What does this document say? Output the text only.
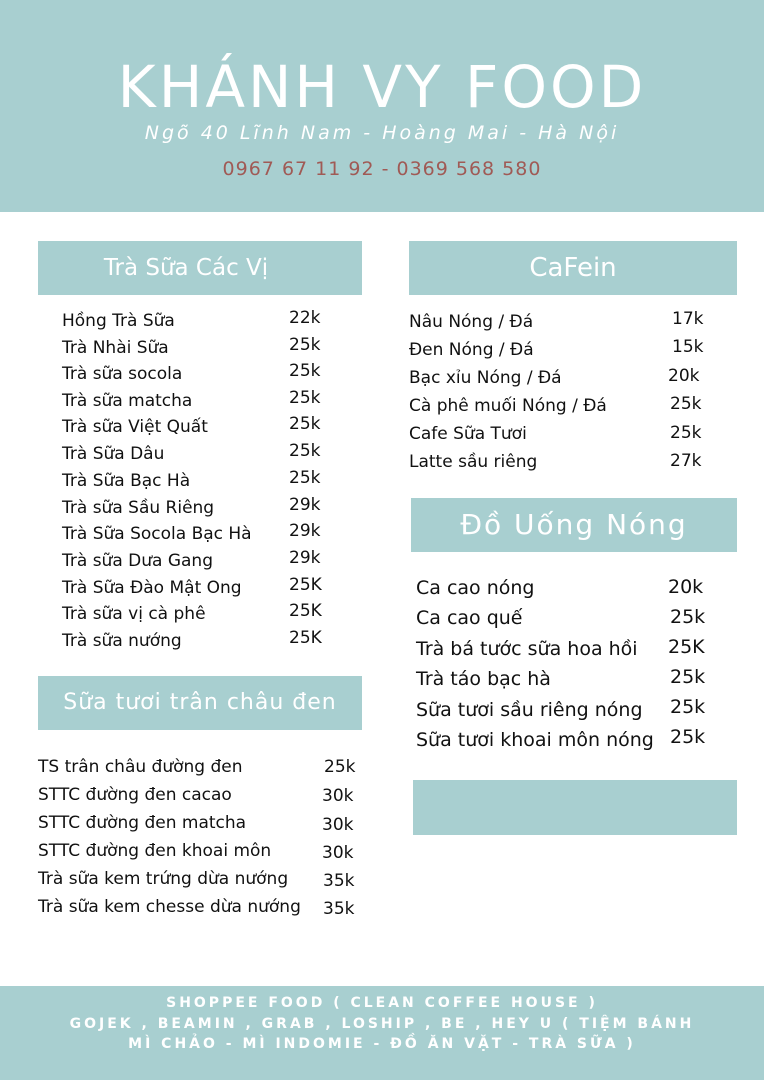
KHÁNH VY FOOD
Ngõ 40 Lĩnh Nam - Hoàng Mai - Hà Nội
0967 67 11 92 - 0369 568 580
Trà Sữa Các Vị	CaFein
Sữa tươi trân châu đen
Đồ Uống Nóng
Hồng Trà Sữa	22k
Trà Nhài Sữa	25k
Trà sữa socola	25k
Trà sữa matcha	25k
Trà sữa Việt Quất	25k
Trà Sữa Dâu	25k
Trà Sữa Bạc Hà	25k
Trà sữa Sầu Riêng	29k
Trà Sữa Socola Bạc Hà 29k
Trà sữa Dưa Gang	29k
Trà Sữa Đào Mật Ong	25K
Trà sữa vị cà phê	25K
Trà sữa nướng	25K
TS trân châu đường đen	25k
STTC đường đen cacao	30k
STTC đường đen matcha	30k
STTC đường đen khoai môn	30k
Trà sữa kem trứng dừa nướng 35k
Trà sữa kem chesse dừa nướng 35k
Nâu Nóng / Đá	17k
Đen Nóng / Đá	15k
Bạc xỉu Nóng / Đá	20k
Cà phê muối Nóng / Đá	25k
Cafe Sữa Tươi	25k
Latte sầu riêng	27k
Ca cao nóng	20k
Ca cao quế	25k
Trà bá tước sữa hoa hồi 25K
Trà táo bạc hà	25k
Sữa tươi sầu riêng nóng 25k
Sữa tươi khoai môn nóng 25k
SHOPPEE FOOD ( CLEAN COFFEE HOUSE )
GOJEK , BEAMIN , GRAB , LOSHIP , BE , HEY U ( TIỆM BÁNH
MÌ CHẢO - MÌ INDOMIE - ĐỒ ĂN VẶT - TRÀ SỮA )
